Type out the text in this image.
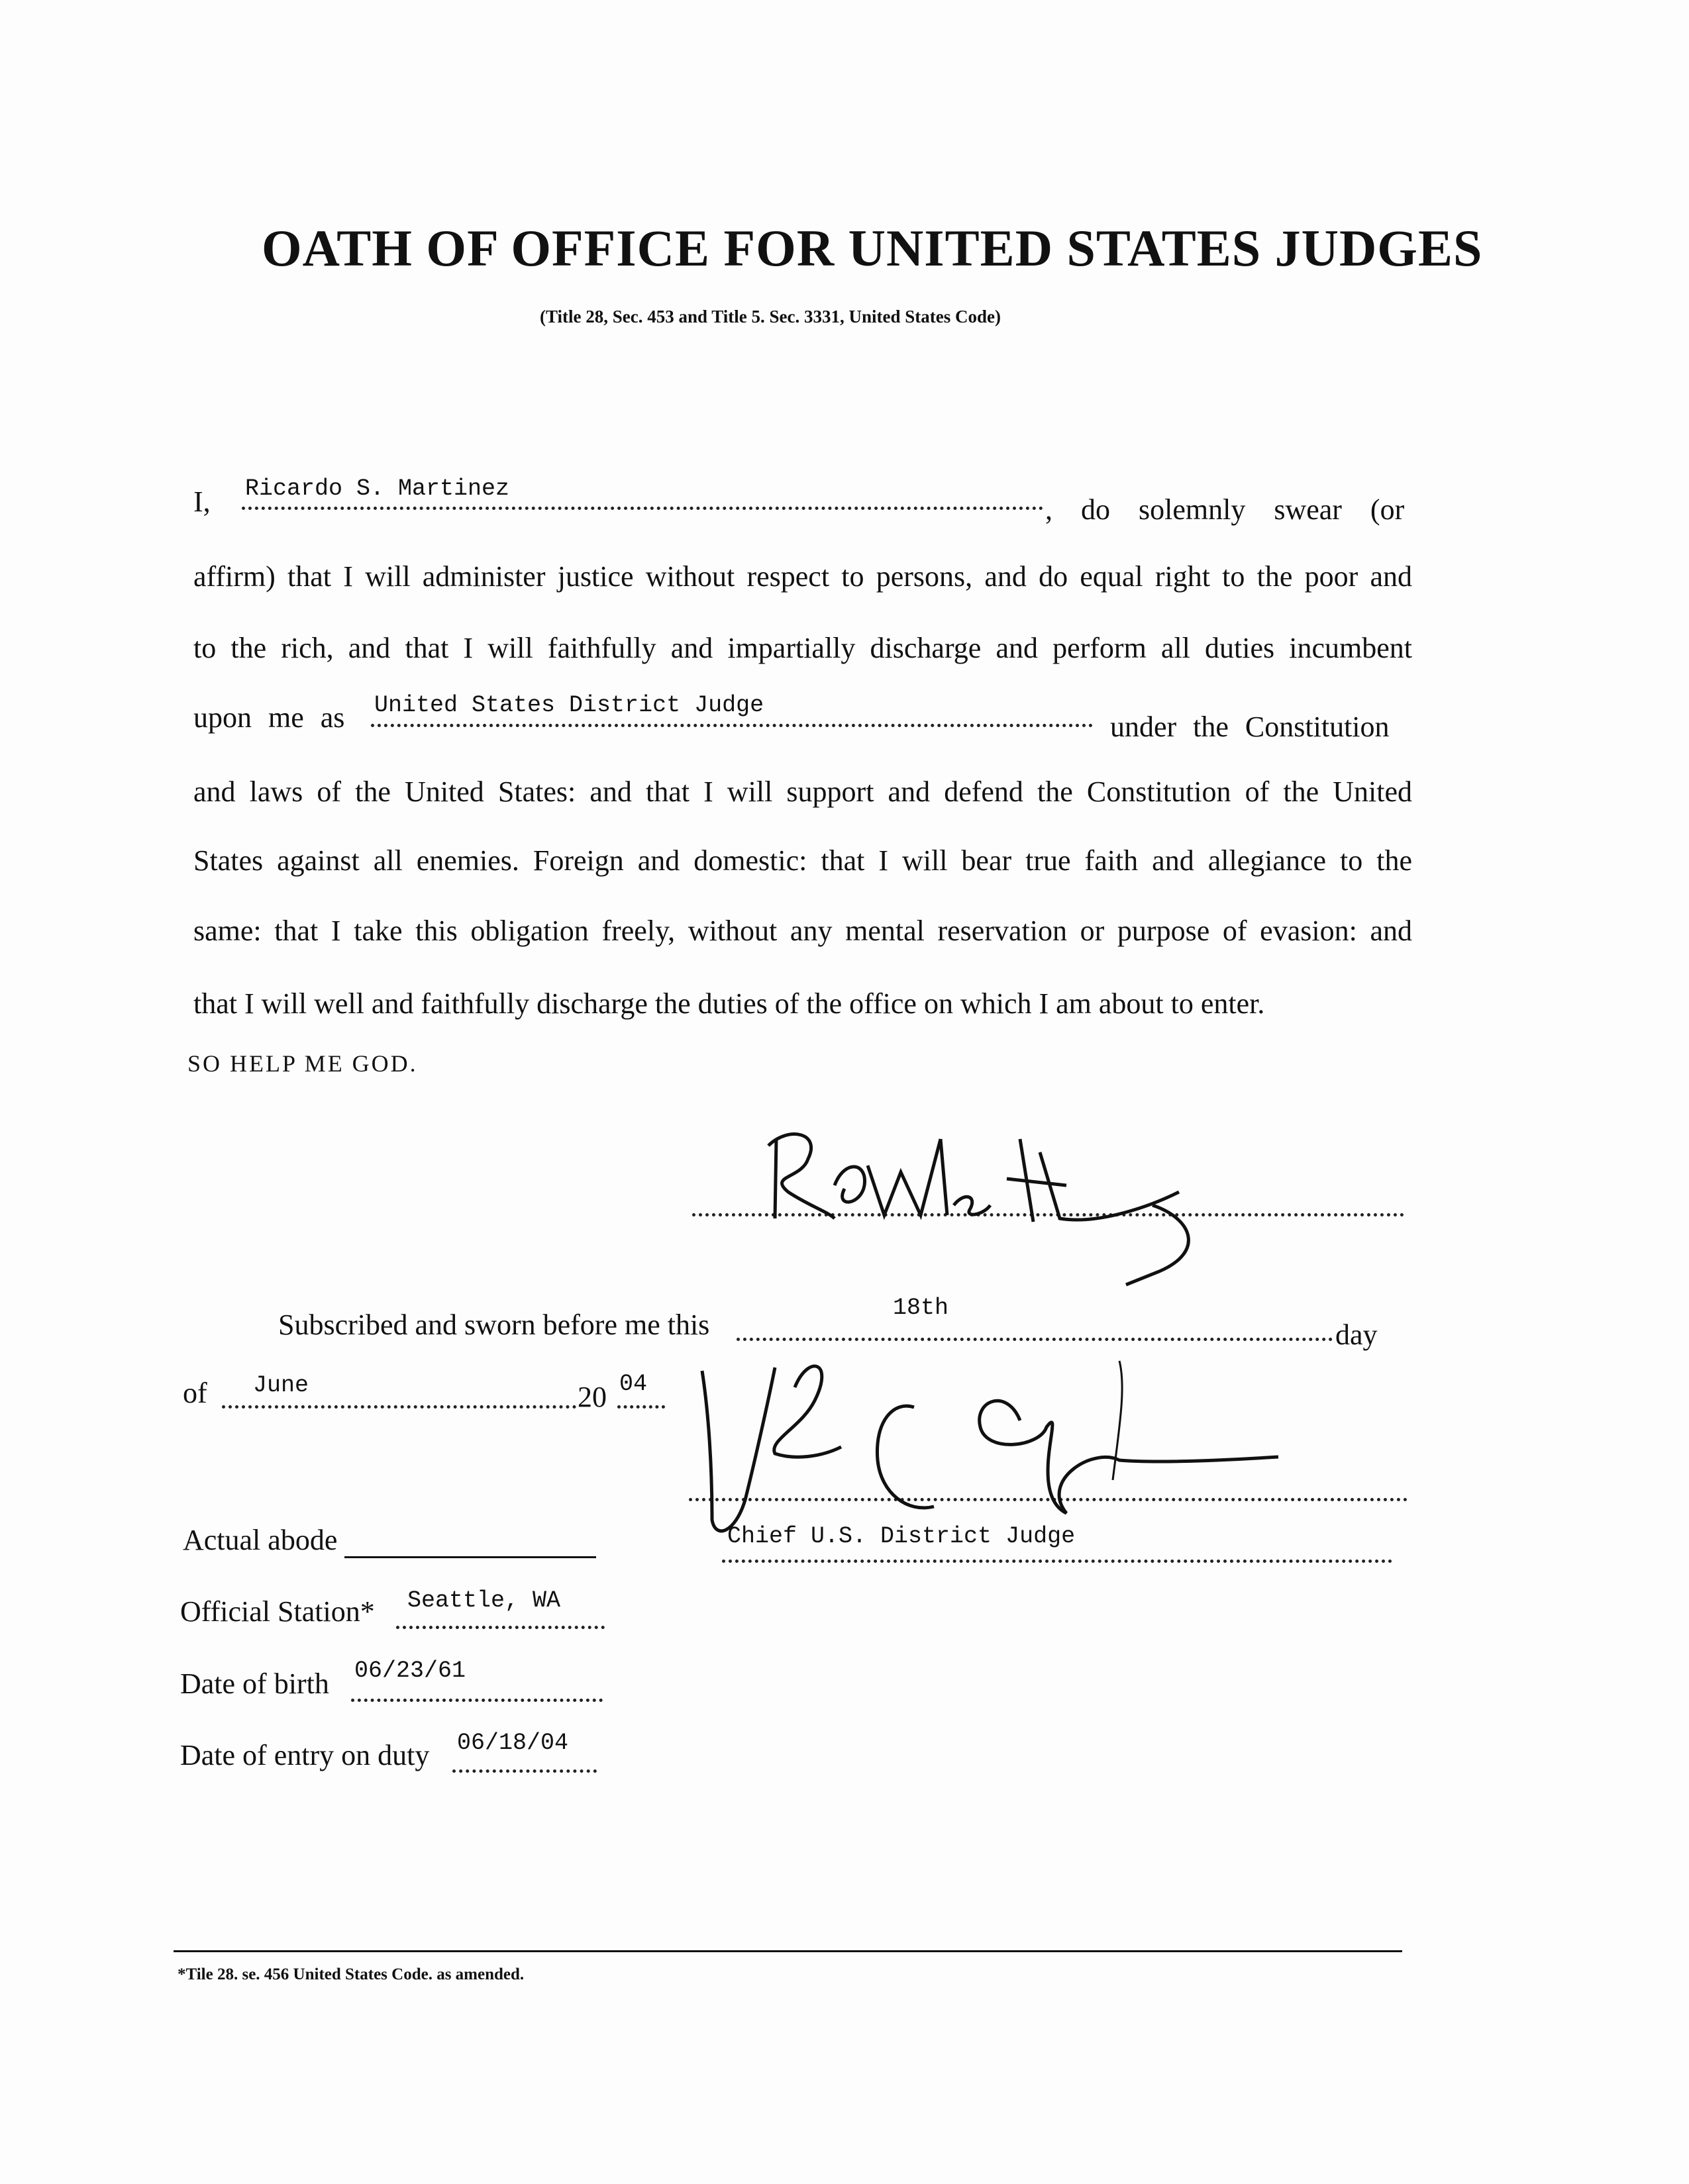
OATH OF OFFICE FOR UNITED STATES JUDGES
(Title 28, Sec. 453 and Title 5. Sec. 3331, United States Code)
I, Ricardo S. Martinez
, do solemnly swear (or
affirm) that I will administer justice without respect to persons, and do equal right to the poor and
to the rich, and that I will faithfully and impartially discharge and perform all duties incumbent
upon me as United States District Judge
under the Constitution
and laws of the United States: and that I will support and defend the Constitution of the United
States against all enemies. Foreign and domestic: that I will bear true faith and allegiance to the
same: that I take this obligation freely, without any mental reservation or purpose of evasion: and
that I will well and faithfully discharge the duties of the office on which I am about to enter.
SO HELP ME GOD.
Subscribed and sworn before me this
18th
day
of June	20 04
Chief U.S. District Judge
Actual abode
Official Station* Seattle, WA
Date of birth 06/23/61
Date of entry on duty 06/18/04
*Tile 28. se. 456 United States Code. as amended.
